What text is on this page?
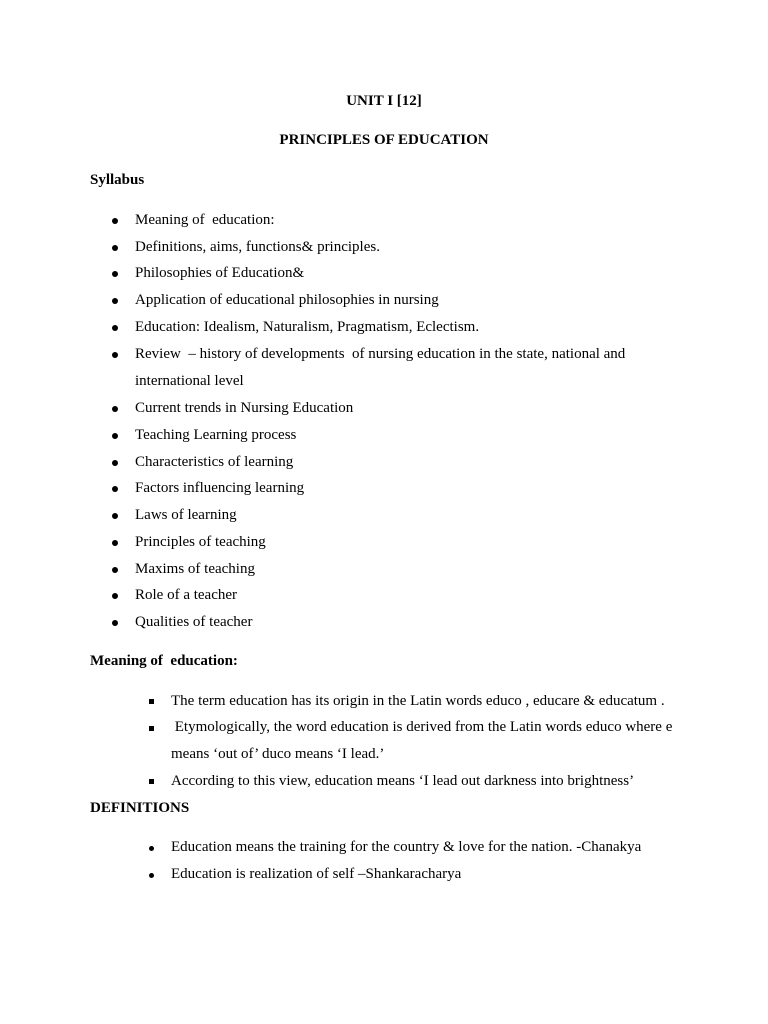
UNIT I [12]
PRINCIPLES OF EDUCATION
Syllabus
Meaning of  education:
Definitions, aims, functions& principles.
Philosophies of Education&
Application of educational philosophies in nursing
Education: Idealism, Naturalism, Pragmatism, Eclectism.
Review  – history of developments  of nursing education in the state, national and
international level
Current trends in Nursing Education
Teaching Learning process
Characteristics of learning
Factors influencing learning
Laws of learning
Principles of teaching
Maxims of teaching
Role of a teacher
Qualities of teacher
Meaning of  education:
The term education has its origin in the Latin words educo , educare & educatum .
Etymologically, the word education is derived from the Latin words educo where e
means ‘out of’ duco means ‘I lead.’
According to this view, education means ‘I lead out darkness into brightness’
DEFINITIONS
Education means the training for the country & love for the nation. -Chanakya
Education is realization of self –Shankaracharya
